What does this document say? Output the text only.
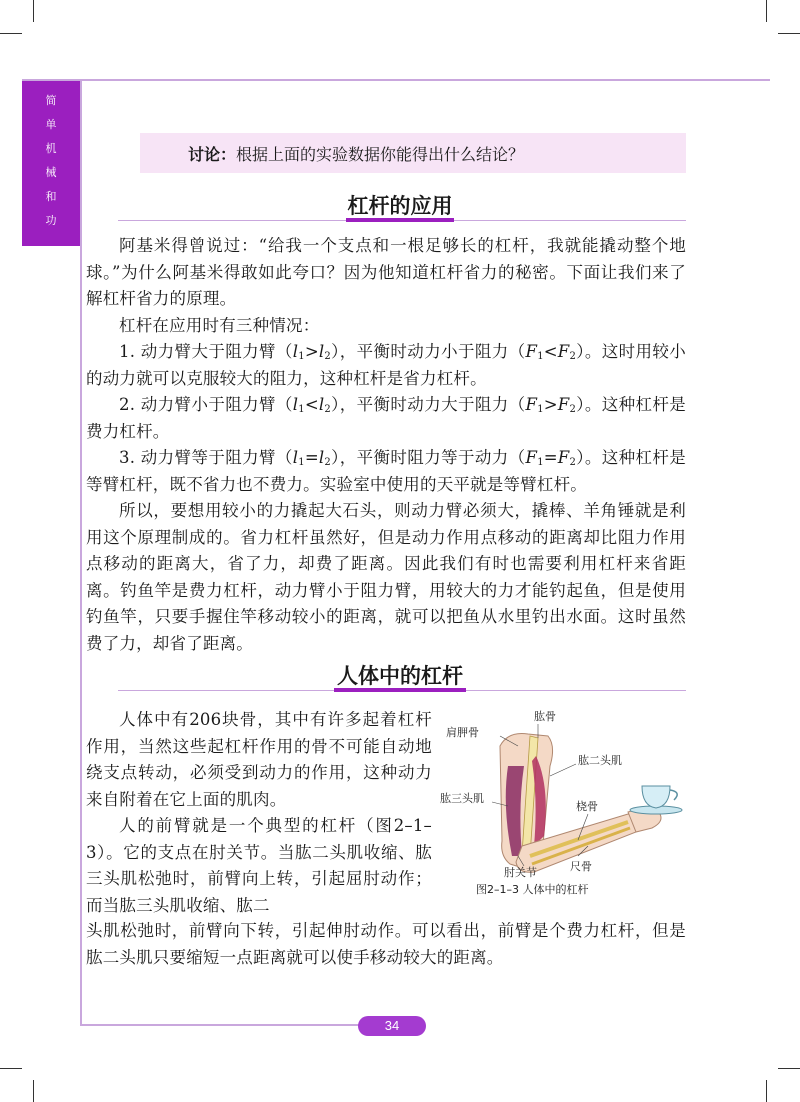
简
单
机
械
和
功
讨论： 根据上面的实验数据你能得出什么结论？
杠杆的应用

阿基米得曾说过：“给我一个支点和一根足够长的杠杆，我就能撬动整个地球。”为什么阿基米得敢如此夸口？因为他知道杠杆省力的秘密。下面让我们来了解杠杆省力的原理。

杠杆在应用时有三种情况：

1. 动力臂大于阻力臂$(l_1>l_2)$，平衡时动力小于阻力$(F_1<F_2)$。这时用较小的动力就可以克服较大的阻力，这种杠杆是省力杠杆。

2. 动力臂小于阻力臂$(l_1<l_2)$，平衡时动力大于阻力$(F_1>F_2)$。这种杠杆是费力杠杆。

3. 动力臂等于阻力臂$(l_1=l_2)$，平衡时阻力等于动力$(F_1=F_2)$。这种杠杆是等臂杠杆，既不省力也不费力。实验室中使用的天平就是等臂杠杆。

所以，要想用较小的力撬起大石头，则动力臂必须大，撬棒、羊角锤就是利用这个原理制成的。省力杠杆虽然好，但是动力作用点移动的距离却比阻力作用点移动的距离大，省了力，却费了距离。因此我们有时也需要利用杠杆来省距离。钓鱼竿是费力杠杆，动力臂小于阻力臂，用较大的力才能钓起鱼，但是使用钓鱼竿，只要手握住竿移动较小的距离，就可以把鱼从水里钓出水面。这时虽然费了力，却省了距离。

人体中的杠杆

人体中有206块骨，其中有许多起着杠杆作用，当然这些起杠杆作用的骨不可能自动地绕支点转动，必须受到动力的作用，这种动力来自附着在它上面的肌肉。

人的前臂就是一个典型的杠杆（图2–1–3）。它的支点在肘关节。当肱二头肌收缩、肱三头肌松弛时，前臂向上转，引起屈肘动作；而当肱三头肌收缩、肱二

头肌松弛时，前臂向下转，引起伸肘动作。可以看出，前臂是个费力杠杆，但是肱二头肌只要缩短一点距离就可以使手移动较大的距离。

肱骨
肩胛骨
肱二头肌
肱三头肌
桡骨
肘关节	尺骨
图2–1–3 人体中的杠杆
34
